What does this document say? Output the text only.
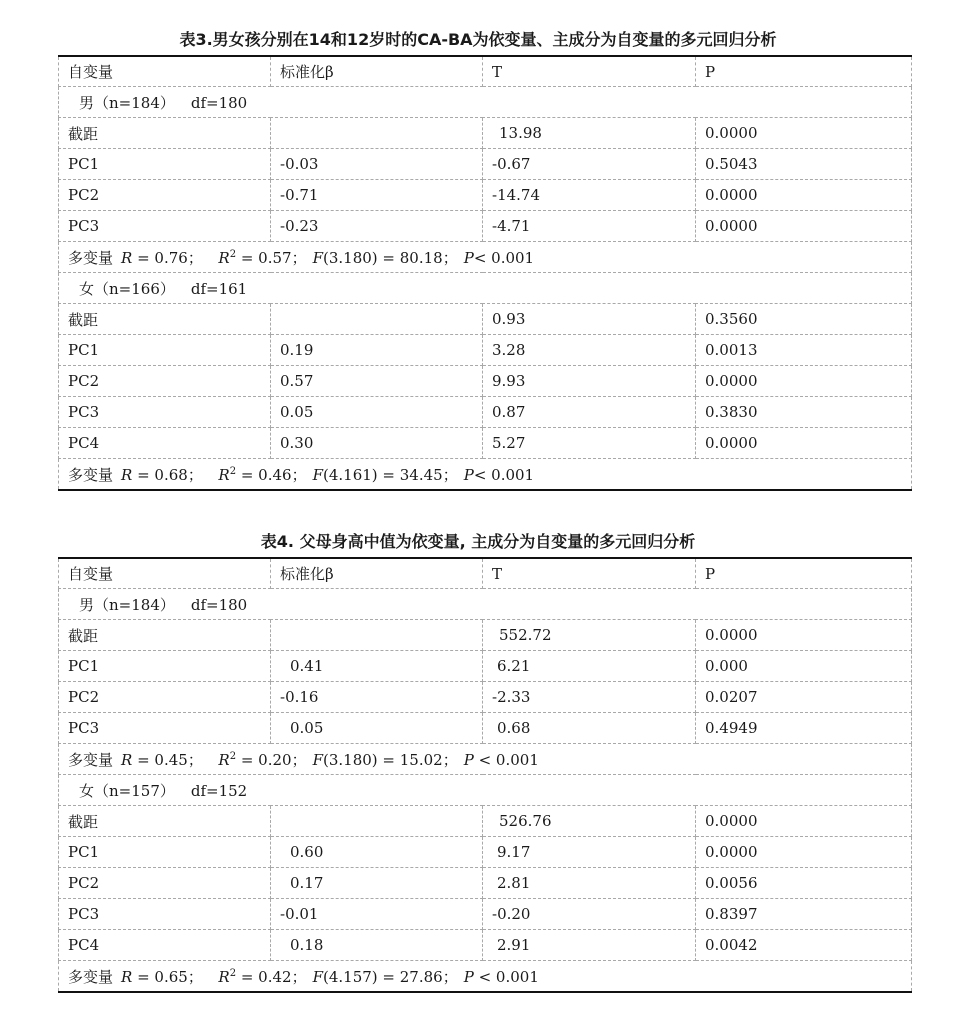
表3.男女孩分别在14和12岁时的CA-BA为依变量、主成分为自变量的多元回归分析
自变量	标准化β	T	P
男（n=184） df=180			
截距		13.98	0.0000
PC1	-0.03	-0.67	0.5043
PC2	-0.71	-14.74	0.0000
PC3	-0.23	-4.71	0.0000
多变量 R = 0.76； $R^2 = 0.57$； F(3.180) = 80.18； P< 0.001			
女（n=166） df=161			
截距		0.93	0.3560
PC1	0.19	3.28	0.0013
PC2	0.57	9.93	0.0000
PC3	0.05	0.87	0.3830
PC4	0.30	5.27	0.0000
多变量 R = 0.68； $R^2 = 0.46$； F(4.161) = 34.45； P< 0.001			
表4. 父母身高中值为依变量, 主成分为自变量的多元回归分析
自变量	标准化β	T	P
男（n=184） df=180			
截距		552.72	0.0000
PC1	0.41	6.21	0.000
PC2	-0.16	-2.33	0.0207
PC3	0.05	0.68	0.4949
多变量 R = 0.45； $R^2 = 0.20$； F(3.180) = 15.02； P < 0.001			
女（n=157） df=152			
截距		526.76	0.0000
PC1	0.60	9.17	0.0000
PC2	0.17	2.81	0.0056
PC3	-0.01	-0.20	0.8397
PC4	0.18	2.91	0.0042
多变量 R = 0.65； $R^2 = 0.42$； F(4.157) = 27.86； P < 0.001			
